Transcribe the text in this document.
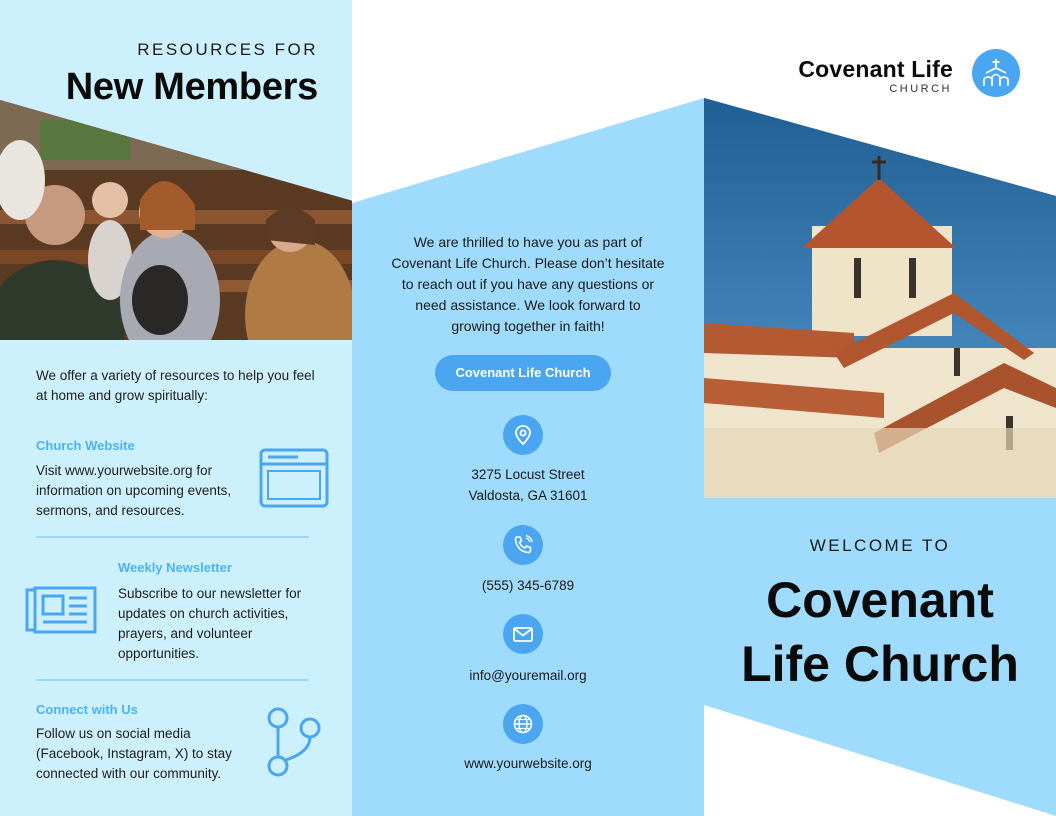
RESOURCES FOR
New Members
We offer a variety of resources to help you feel at home and grow spiritually:
Church Website
Visit www.yourwebsite.org for information on upcoming events, sermons, and resources.
Weekly Newsletter
Subscribe to our newsletter for updates on church activities, prayers, and volunteer opportunities.
Connect with Us
Follow us on social media (Facebook, Instagram, X) to stay connected with our community.
We are thrilled to have you as part of Covenant Life Church. Please don’t hesitate to reach out if you have any questions or need assistance. We look forward to growing together in faith!
Covenant Life Church
3275 Locust Street
Valdosta, GA 31601
(555) 345-6789
info@youremail.org
www.yourwebsite.org
Covenant Life
CHURCH
WELCOME TO
Covenant
Life Church
